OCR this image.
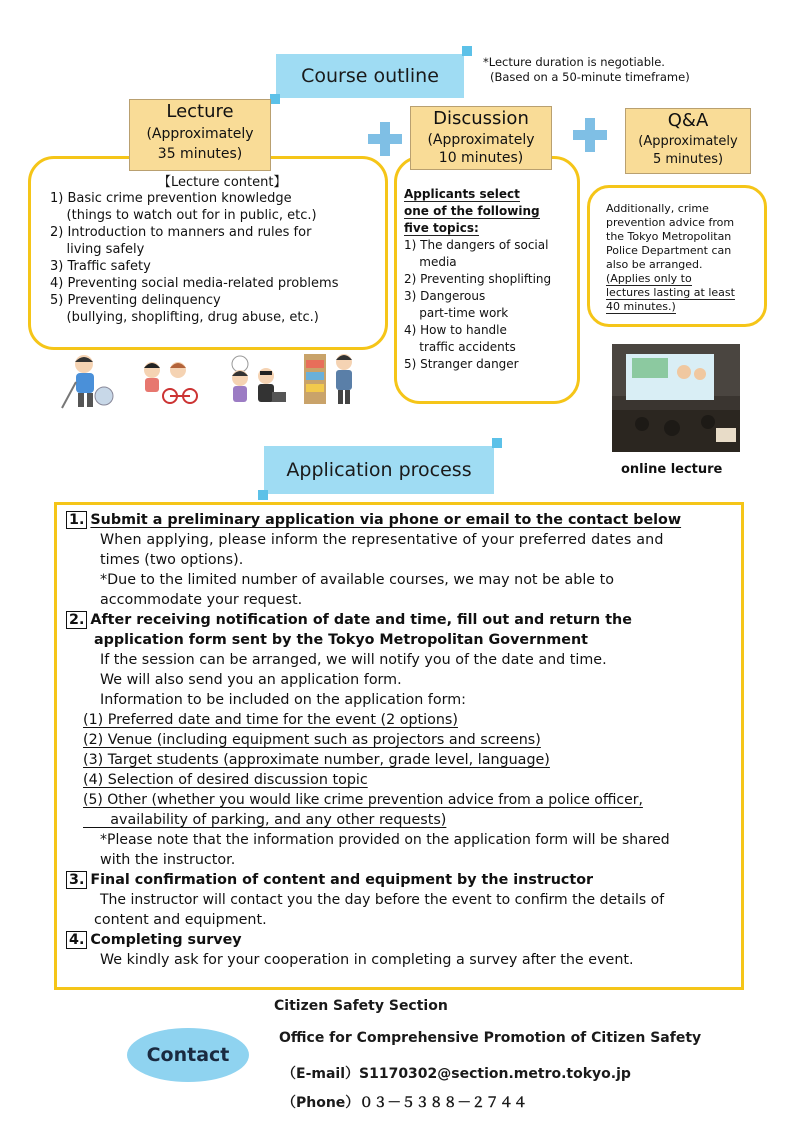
Course outline
*Lecture duration is negotiable.
(Based on a 50-minute timeframe)
Lecture
(Approximately
35 minutes)
【Lecture content】
1) Basic crime prevention knowledge
(things to watch out for in public, etc.)
2) Introduction to manners and rules for
living safely
3) Traffic safety
4) Preventing social media-related problems
5) Preventing delinquency
(bullying, shoplifting, drug abuse, etc.)
Discussion
(Approximately
10 minutes)
Applicants select
one of the following
five topics:
1) The dangers of social
media
2) Preventing shoplifting
3) Dangerous
part-time work
4) How to handle
traffic accidents
5) Stranger danger
Q&A
(Approximately
5 minutes)
Additionally, crime
prevention advice from
the Tokyo Metropolitan
Police Department can
also be arranged.
(Applies only to
lectures lasting at least
40 minutes.)
online lecture
Application process
1. Submit a preliminary application via phone or email to the contact below
When applying, please inform the representative of your preferred dates and
times (two options).
*Due to the limited number of available courses, we may not be able to
accommodate your request.
2. After receiving notification of date and time, fill out and return the
application form sent by the Tokyo Metropolitan Government
If the session can be arranged, we will notify you of the date and time.
We will also send you an application form.
Information to be included on the application form:
(1) Preferred date and time for the event (2 options)
(2) Venue (including equipment such as projectors and screens)
(3) Target students (approximate number, grade level, language)
(4) Selection of desired discussion topic
(5) Other (whether you would like crime prevention advice from a police officer,
availability of parking, and any other requests)
*Please note that the information provided on the application form will be shared
with the instructor.
3. Final confirmation of content and equipment by the instructor
The instructor will contact you the day before the event to confirm the details of
content and equipment.
4. Completing survey
We kindly ask for your cooperation in completing a survey after the event.
Contact
Citizen Safety Section
Office for Comprehensive Promotion of Citizen Safety
（E-mail）S1170302@section.metro.tokyo.jp
（Phone）０３－５３８８－２７４４
